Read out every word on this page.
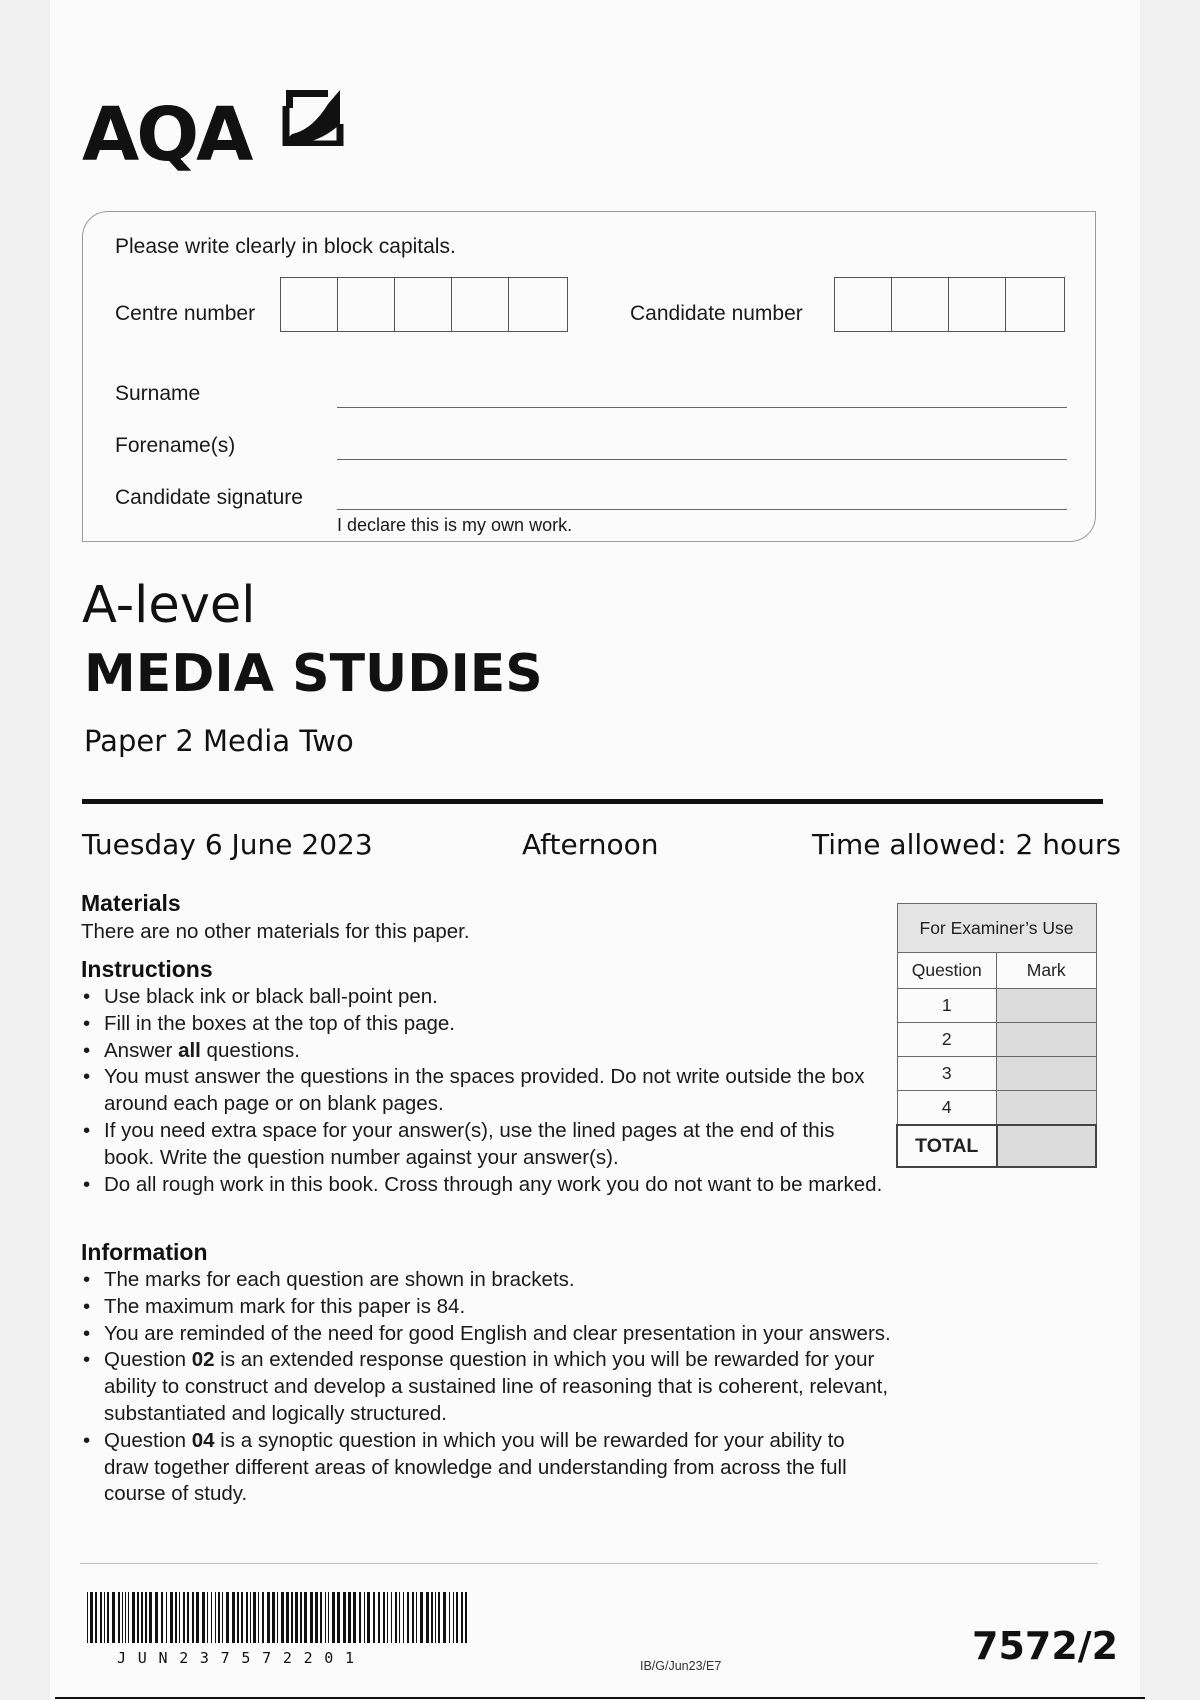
AQA
Please write clearly in block capitals.
Centre number	Candidate number
Surname
Forename(s)
Candidate signature
I declare this is my own work.
A-level
MEDIA STUDIES
Paper 2 Media Two
Tuesday 6 June 2023	Afternoon	Time allowed: 2 hours
Materials
There are no other materials for this paper.
Instructions
• Use black ink or black ball-point pen.
• Fill in the boxes at the top of this page.
• Answer all questions.
• You must answer the questions in the spaces provided. Do not write outside the box around each page or on blank pages.
• If you need extra space for your answer(s), use the lined pages at the end of this book. Write the question number against your answer(s).
• Do all rough work in this book. Cross through any work you do not want to be marked.
Information
• The marks for each question are shown in brackets.
• The maximum mark for this paper is 84.
• You are reminded of the need for good English and clear presentation in your answers.
• Question 02 is an extended response question in which you will be rewarded for your ability to construct and develop a sustained line of reasoning that is coherent, relevant, substantiated and logically structured.
• Question 04 is a synoptic question in which you will be rewarded for your ability to draw together different areas of knowledge and understanding from across the full course of study.
For Examiner’s Use	
Question	Mark
1	
2	
3	
4	
TOTAL	
JUN237572201	IB/G/Jun23/E7	7572/2
